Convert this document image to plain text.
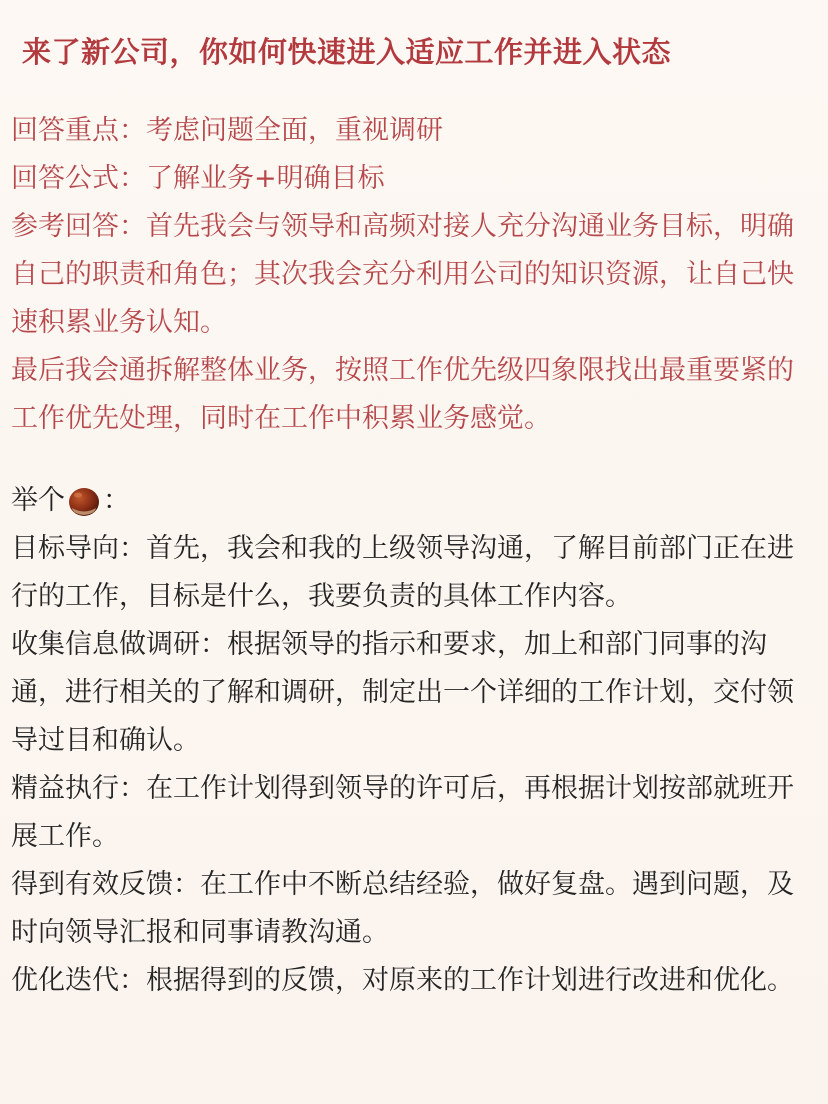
来了新公司，你如何快速进入适应工作并进入状态

回答重点：考虑问题全面，重视调研

回答公式：了解业务+明确目标

参考回答：首先我会与领导和高频对接人充分沟通业务目标，明确自己的职责和角色；其次我会充分利用公司的知识资源，让自己快速积累业务认知。

最后我会通拆解整体业务，按照工作优先级四象限找出最重要紧的工作优先处理，同时在工作中积累业务感觉。

举个 ：

目标导向：首先，我会和我的上级领导沟通，了解目前部门正在进行的工作，目标是什么，我要负责的具体工作内容。

收集信息做调研：根据领导的指示和要求，加上和部门同事的沟通，进行相关的了解和调研，制定出一个详细的工作计划，交付领导过目和确认。

精益执行：在工作计划得到领导的许可后，再根据计划按部就班开展工作。

得到有效反馈：在工作中不断总结经验，做好复盘。遇到问题，及时向领导汇报和同事请教沟通。

优化迭代：根据得到的反馈，对原来的工作计划进行改进和优化。
